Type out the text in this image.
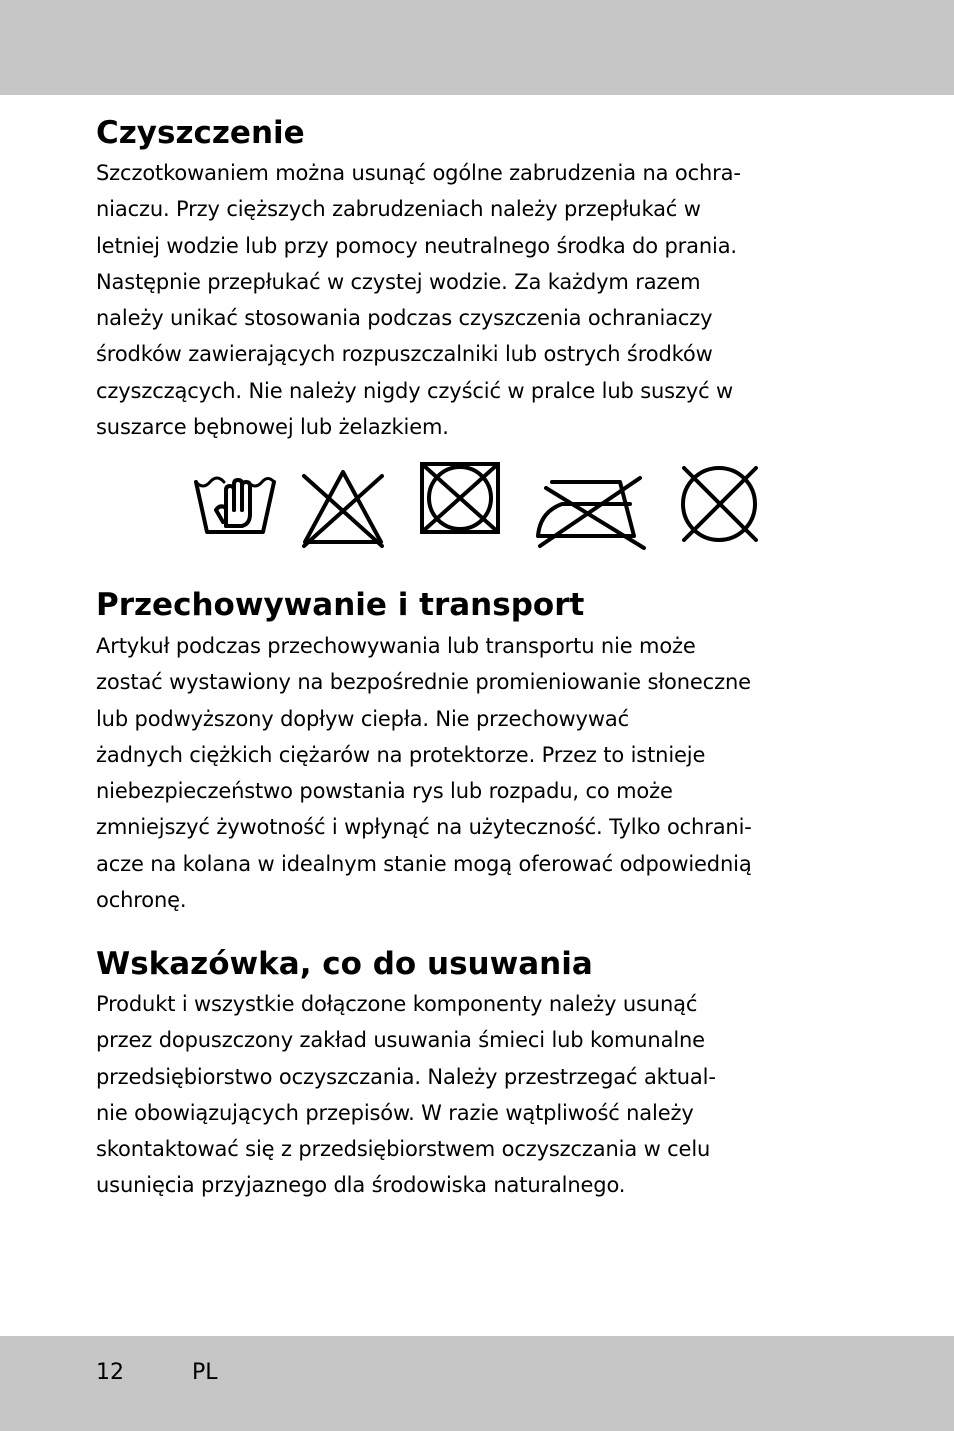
Czyszczenie
Szczotkowaniem można usunąć ogólne zabrudzenia na ochra-
niaczu. Przy cięższych zabrudzeniach należy przepłukać w
letniej wodzie lub przy pomocy neutralnego środka do prania.
Następnie przepłukać w czystej wodzie. Za każdym razem
należy unikać stosowania podczas czyszczenia ochraniaczy
środków zawierających rozpuszczalniki lub ostrych środków
czyszczących. Nie należy nigdy czyścić w pralce lub suszyć w
suszarce bębnowej lub żelazkiem.
Przechowywanie i transport
Artykuł podczas przechowywania lub transportu nie może
zostać wystawiony na bezpośrednie promieniowanie słoneczne
lub podwyższony dopływ ciepła. Nie przechowywać
żadnych ciężkich ciężarów na protektorze. Przez to istnieje
niebezpieczeństwo powstania rys lub rozpadu, co może
zmniejszyć żywotność i wpłynąć na użyteczność. Tylko ochrani-
acze na kolana w idealnym stanie mogą oferować odpowiednią
ochronę.
Wskazówka, co do usuwania
Produkt i wszystkie dołączone komponenty należy usunąć
przez dopuszczony zakład usuwania śmieci lub komunalne
przedsiębiorstwo oczyszczania. Należy przestrzegać aktual-
nie obowiązujących przepisów. W razie wątpliwość należy
skontaktować się z przedsiębiorstwem oczyszczania w celu
usunięcia przyjaznego dla środowiska naturalnego.
12	PL
